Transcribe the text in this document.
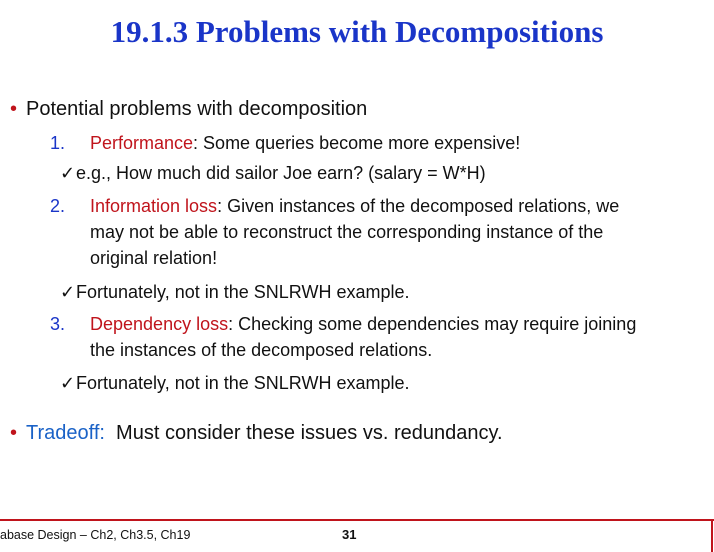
19.1.3 Problems with Decompositions
• Potential problems with decomposition
1. Performance: Some queries become more expensive!
✓e.g., How much did sailor Joe earn? (salary = W*H)
2. Information loss: Given instances of the decomposed relations, we
may not be able to reconstruct the corresponding instance of the
original relation!
✓Fortunately, not in the SNLRWH example.
3. Dependency loss: Checking some dependencies may require joining
the instances of the decomposed relations.
✓Fortunately, not in the SNLRWH example.
• Tradeoff:  Must consider these issues vs. redundancy.
abase Design – Ch2, Ch3.5, Ch19	31
